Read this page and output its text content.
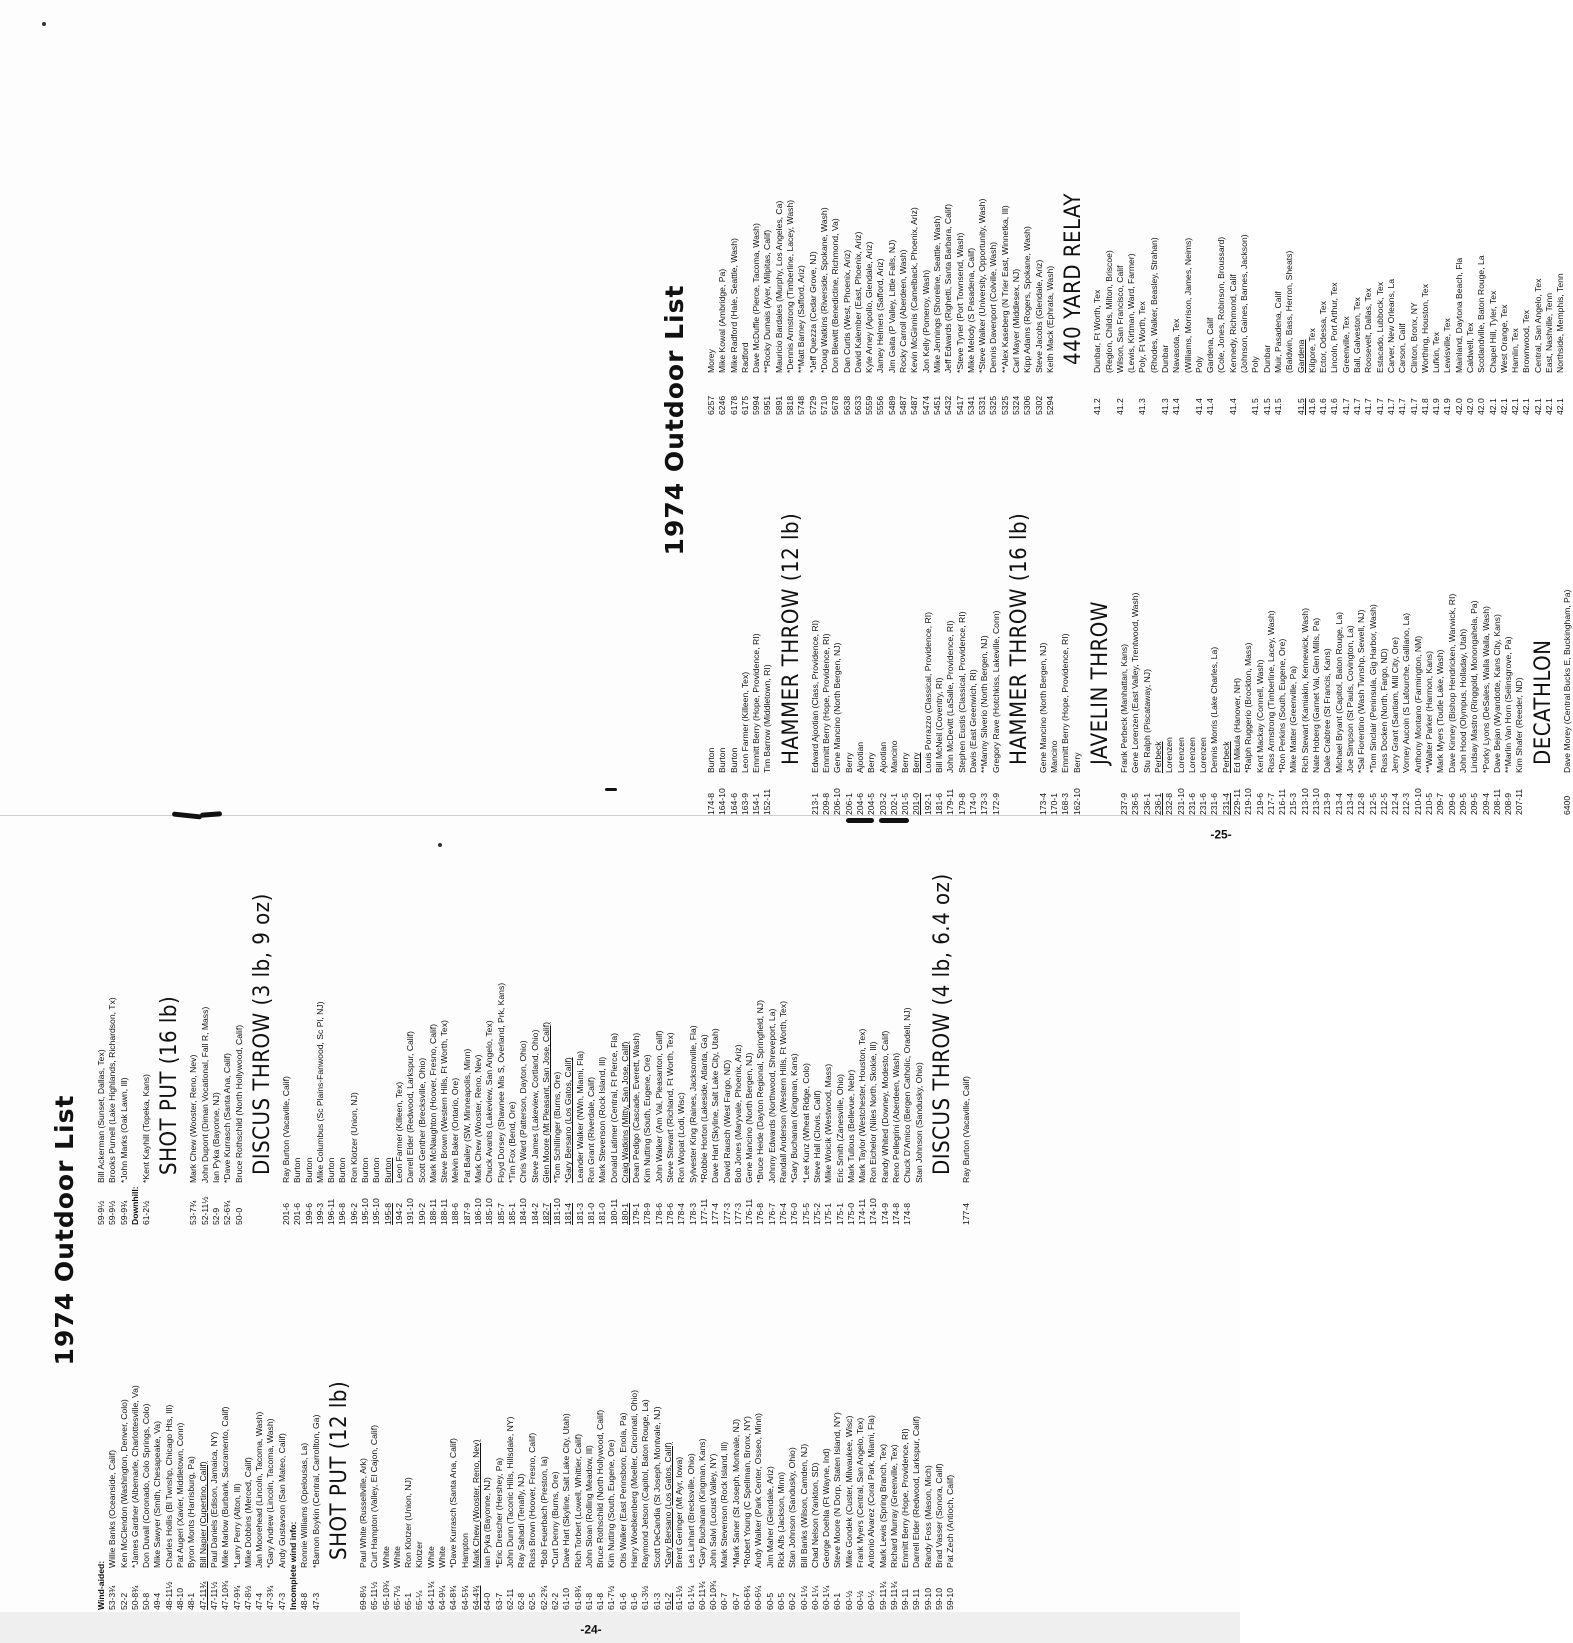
1974 Outdoor List
-24-
Wind-aided: 53-3¾
Willie Banks (Oceanside, Calif)
52-2
Ken McClendon (Washington, Denver, Colo)
50-8¾
*James Gardner (Albemarle, Charlottesville, Va)
50-8
Don Duvall (Coronado, Colo Springs, Colo)
49-4
Mike Sawyer (Smith, Chesapeake, Va)
48-11½
Charles Hollis (Bl Twnshp, Chicago Hts, Ill)
48-10
Pat Augeri (Xavier, Middletown, Conn)
48-1
Byron Monts (Harrisburg, Pa)
47-11¾
Bill Napier (Cupertino, Calif)
47-11½
Paul Daniels (Edison, Jamaica, NY)
47-10¾
Mike Marlow (Burbank, Sacramento, Calif)
47-9¾
*Larry Perry (Alton, Ill)
47-8½
Mike Dobbins (Merced, Calif)
47-4
Jan Moorehead (Lincoln, Tacoma, Wash)
47-3¾
*Gary Andrew (Lincoln, Tacoma, Wash)
47-3
Andy Gustavson (San Mateo, Calif) Incomplete wind info: 48-8
Ronnie Williams (Opelousas, La)
47-3
*Barnon Boykin (Central, Carrollton, Ga) SHOT PUT (12 lb)
69-8½
Paul White (Russellville, Ark)
65-11½
Curt Hampton (Valley, El Cajon, Calif)
65-10¾
White
65-7½
White
65-1
Ron Klotzer (Union, NJ)
65-¼
Klotzer
64-11¾
White
64-9¼
White
64-8¾
*Dave Kurrasch (Santa Ana, Calif)
64-5¾
Hampton
64-4¾
Mark Chew (Wooster, Reno, Nev)
64-0
Ian Pyka (Bayonne, NJ)
63-7
*Eric Drescher (Hershey, Pa)
62-11
John Dunn (Taconic Hills, Hillsdale, NY)
62-8
Ray Sahadi (Tenafly, NJ)
62-5
Russ Brown (Hoover, Fresno, Calif)
62-2¾
*Bob Feuerbach (Preston, Ia)
62-2
*Curt Denny (Burns, Ore)
61-10
Dave Hart (Skyline, Salt Lake City, Utah)
61-8¾
Rich Torbert (Lowell, Whittier, Calif)
61-8
John Sloan (Rolling Meadow, Ill)
61-8
Bruce Rothschild (North Hollywood, Calif)
61-7½
Kim Nutting (South, Eugene, Ore)
61-6
Otis Walker (East Pennsboro, Enola, Pa)
61-6
Harry Woebkenberg (Moeller, Cincinnati, Ohio)
61-3½
Raymond Jetson (Capitol, Baton Rouge, La)
61-3
Scott DeCandia (St Joseph, Montvale, NJ)
61-2
*Gary Bersano (Los Gatos, Calif)
61-1½
Brent Geringer (Mt Ayr, Iowa)
61-1¼
Les Linhart (Brecksville, Ohio)
60-11¾
*Gary Buchanan (Kingman, Kans)
60-10¾
John Salvi (Locust Valley, NY)
60-7
Mark Stevenson (Rock Island, Ill)
60-7
*Mark Saner (St Joseph, Montvale, NJ)
60-6¾
*Robert Young (C Spellman, Bronx, NY)
60-6¼
Andy Walker (Park Center, Osseo, Minn)
60-5
Jim Maher (Glendale, Ariz)
60-5
Rick Alfs (Jackson, Minn)
60-2
Stan Johnson (Sandusky, Ohio)
60-1½
Bill Banks (Wilson, Camden, NJ)
60-1¼
Chad Nelson (Yankton, SD)
60-1¼
George Doehla (Ft Wayne, Ind)
60-1
Steve Moore (N Dorp, Staten Island, NY)
60-½
Mike Gondek (Custer, Milwaukee, Wisc)
60-½
Frank Myers (Central, San Angelo, Tex)
60-¼
Antonio Alvarez (Coral Park, Miami, Fla)
59-11¾
Mark Lewis (Spring Branch, Tex)
59-11¾
Richard Murray (Greenville, Tex)
59-11
Emmitt Berry (Hope, Providence, RI)
59-11
Darrell Elder (Redwood, Larkspur, Calif)
59-10
Randy Foss (Mason, Mich)
59-10
Brad Vasser (Sonora, Calif)
59-10
Pat Zech (Antioch, Calif)
59-9½
Bill Ackerman (Sunset, Dallas, Tex)
59-9½
Brooks Purnell (Lake Highlands, Richardson, Tx)
59-9¾
*John Marks (Oak Lawn, Ill)
Downhill: 61-2½
*Kent Kayhill (Topeka, Kans) SHOT PUT (16 lb)
53-7¾
Mark Chew (Wooster, Reno, Nev)
52-11½
John Dupont (Diman Vocational, Fall R, Mass)
52-9
Ian Pyka (Bayonne, NJ)
52-6¾
*Dave Kurrasch (Santa Ana, Calif)
50-0
Bruce Rothschild (North Hollywood, Calif) DISCUS THROW (3 lb, 9 oz)
201-6
Ray Burton (Vacaville, Calif)
201-6
Burton
199-6
Burton
199-3
Mike Columbus (Sc Plains-Fanwood, Sc Pl, NJ)
196-11
Burton
196-8
Burton
196-2
Ron Klotzer (Union, NJ)
195-10
Burton
195-10
Burton
195-8
Burton
194-2
Leon Farmer (Killeen, Tex)
191-10
Darrell Elder (Redwood, Larkspur, Calif)
190-2
Scott Genther (Brecksville, Ohio)
188-11
Mark McNaughton (Hoover, Fresno, Calif)
188-11
Steve Brown (Western Hills, Ft Worth, Tex)
188-6
Melvin Baker (Ontario, Ore)
187-9
Pat Bailey (SW, Minneapolis, Minn)
186-10
Mark Chew (Wooster, Reno, Nev)
185-10
Chuck Avants (Lakeview, San Angelo, Tex)
185-7
Floyd Dorsey (Shawnee Mis S, Overland, Prk, Kans)
185-1
*Tim Fox (Bend, Ore)
184-10
Chris Ward (Patterson, Dayton, Ohio)
184-2
Steve James (Lakeview, Cortland, Ohio)
182-7
Glen Moore (Mt Pleasant, San Jose, Calif)
181-10
*Tom Schillinger (Burns, Ore)
181-4
*Gary Bersano (Los Gatos, Calif)
181-3
Leander Walker (NWn, Miami, Fla)
181-0
Ron Grant (Riverdale, Calif)
181-0
Mark Stevenson (Rock Island, Ill)
180-11
Donald Latimer (Central, Ft Pierce, Fla)
180-1
Craig Watkins (Mitty, San Jose, Calif)
179-1
Dean Pedigo (Cascade, Everett, Wash)
178-9
Kim Nutting (South, Eugene, Ore)
178-6
John Walker (Am Val, Pleasanton, Calif)
178-6
Steve Stewart (Richland, Ft Worth, Tex)
178-4
Ron Wopat (Lodi, Wisc)
178-3
Sylvester King (Raines, Jacksonville, Fla)
177-11
*Robbie Horton (Lakeside, Atlanta, Ga)
177-4
Dave Hart (Skyline, Salt Lake City, Utah)
177-3
David Rausch (West Fargo, ND)
177-3
Bob Jones (Maryvale, Phoenix, Ariz)
176-11
Gene Mancino (North Bergen, NJ)
176-8
*Bruce Heide (Dayton Regional, Springfield, NJ)
176-7
Johnny Edwards (Northwood, Shreveport, La)
176-4
Randall Anderson (Western Hills, Ft Worth, Tex)
176-0
*Gary Buchanan (Kingman, Kans)
175-5
*Lee Kunz (Wheat Ridge, Colo)
175-2
Steve Hall (Clovis, Calif)
175-1
Mike Woicik (Westwood, Mass)
175-1
Eric Smith (Zanesville, Ohio)
175-0
Mark Tullous (Bellevue, Nebr)
174-11
Mark Taylor (Westchester, Houston, Tex)
174-10
Ron Eichelor (Niles North, Skokie, Ill)
174-9
Randy Whited (Downey, Modesto, Calif)
174-8
Reno Pellegrini (Aberdeen, Wash)
174-8
Chuck D'Amico (Bergen Catholic, Oradell, NJ) Stan Johnson (Sandusky, Ohio) DISCUS THROW (4 lb, 6.4 oz)
177-4
Ray Burton (Vacaville, Calif)
1974 Outdoor List
-25-
174-8
Burton
164-10
Burton
164-6
Burton
163-9
Leon Farmer (Killeen, Tex)
154-1
Emmitt Berry (Hope, Providence, RI)
152-11
Tim Barrow (Middletown, RI) HAMMER THROW (12 lb)
213-1
Edward Ajootian (Class, Providence, RI)
209-8
Emmitt Berry (Hope, Providence, RI)
206-10
Gene Mancino (North Bergen, NJ)
206-1
Berry
204-6
Ajootian
204-5
Berry
203-2
Ajootian
202-1
Mancino
201-5
Berry
201-0
Berry
192-1
Louis Porrazzo (Classical, Providence, RI)
181-6
Bill McNeil (Coventry, RI)
179-11
John McDevitt (LaSalle, Providence, RI)
179-8
Stephen Eustis (Classical, Providence, RI)
174-0
Davis (East Greenwich, RI)
173-3
**Manny Silverio (North Bergen, NJ)
172-9
Gregory Rave (Hotchkiss, Lakeville, Conn) HAMMER THROW (16 lb)
173-4
Gene Mancino (North Bergen, NJ)
170-1
Mancino
168-3
Emmitt Berry (Hope, Providence, RI)
162-10
Berry JAVELIN THROW
237-9
Frank Perbeck (Manhattan, Kans)
236-5
Gene Lorenzen (East Valley, Trentwood, Wash)
236-1
Stu Ralph (Piscataway, NJ)
236-1
Perbeck
232-8
Lorenzen
231-10
Lorenzen
231-6
Lorenzen
231-6
Lorenzen
231-6
Dennis Morris (Lake Charles, La)
231-4
Perbeck
229-11
Ed Mikula (Hanover, NH)
219-10
*Ralph Ruggerio (Brockton, Mass)
219-6
Kent Mackay (Connell, Wash)
217-7
Russ Armstrong (Timberline, Lacey, Wash)
216-11
*Ron Perkins (South, Eugene, Ore)
215-3
Mike Matter (Greenville, Pa)
213-10
Rich Stewart (Kamiakin, Kennewick, Wash)
213-10
Nate Hoberg (Garnet Val, Glen Mills, Pa)
213-9
Dale Crabtree (St Francis, Kans)
213-4
Michael Bryant (Capitol, Baton Rouge, La)
213-4
Joe Simpson (St Pauls, Covington, La)
212-8
*Sal Fiorentino (Wash Twnshp, Sewell, NJ)
212-5
*Tom Sinclair (Peninsula, Gig Harbor, Wash)
212-5
Russ Docken (North, Fargo, ND)
212-4
Jerry Grant (Santiam, Mill City, Ore)
212-3
Vorney Aucoin (S Lafourche, Galliano, La)
210-10
Anthony Montano (Farmington, NM)
210-5
**Walter Parker (Harmon, Kans)
209-7
Mark Myers (Toutle Lake, Wash)
209-6
Dave Kinney (Bishop Hendricken, Warwick, RI)
209-5
John Hood (Olympus, Holladay, Utah)
209-5
Lindsay Mastro (Ringgold, Monongahela, Pa)
209-4
*Porky Lyons (DeSales, Walla Walla, Wash)
208-11
Dave Bejan (Wyandotte, Kans City, Kans)
208-9
**Marlin Van Horn (Selinsgrove, Pa)
207-11
Kim Shafer (Reeder, ND) DECATHLON
6400
Dave Morey (Central Bucks E, Buckingham, Pa)
6257
Morey
6246
Mike Kowal (Ambridge, Pa)
6178
Mike Radford (Hale, Seattle, Wash)
6175
Radford
5994
Dave McDuffie (Pierce, Tacoma, Wash)
5951
**Rocky Dumais (Ayer, Milpitas, Calif)
5891
Mauricio Bardales (Murphy, Los Angeles, Ca)
5818
*Dennis Armstrong (Timberline, Lacey, Wash)
5748
**Matt Barney (Safford, Ariz)
5729
*Jeff Quezza (Cedar Grove, NJ)
5710
*Doug Watkins (Riverside, Spokane, Wash)
5678
Don Blewitt (Benedictine, Richmond, Va)
5638
Dan Curtis (West, Phoenix, Ariz)
5633
David Kalember (East, Phoenix, Ariz)
5559
Kyle Arney (Apollo, Glendale, Ariz)
5556
Jamey Helmers (Safford, Ariz)
5489
Jim Gaita (P Valley, Little Falls, NJ)
5487
Rocky Carroll (Aberdeen, Wash)
5487
Kevin McGinnis (Camelback, Phoenix, Ariz)
5474
Jon Kelly (Pomeroy, Wash)
5451
Mike Jennings (Shoreline, Seattle, Wash)
5432
Jeff Edwards (Righetti, Santa Barbara, Calif)
5417
*Steve Tyner (Port Townsend, Wash)
5341
Mike Melody (S Pasadena, Calif)
5331
*Steve Walker (University, Opportunity, Wash)
5325
Dennis Davenport (Colville, Wash)
5325
**Alex Kaseberg (N Trier East, Winnetka, Ill)
5324
Carl Mayer (Middlesex, NJ)
5306
Kipp Adams (Rogers, Spokane, Wash)
5302
Steve Jacobs (Glendale, Ariz)
5294
Keith Mack (Ephrata, Wash) 440 YARD RELAY
41.2
Dunbar, Ft Worth, Tex (Reglon, Childs, Milton, Briscoe)
41.2
Wilson, San Francisco, Calif (Lewis, Kirtman, Ward, Farmer)
41.3
Poly, Ft Worth, Tex (Rhodes, Walker, Beasley, Strahan)
41.3
Dunbar
41.4
Navasota, Tex (Williams, Morrison, James, Neims)
41.4
Poly
41.4
Gardena, Calif (Cole, Jones, Robinson, Broussard)
41.4
Kennedy, Richmond, Calif (Johnson, Gaines, Barnes, Jackson)
41.5
Poly
41.5
Dunbar
41.5
Muir, Pasadena, Calif (Baldwin, Bass, Herron, Sheats)
41.5
Gardena
41.6
Kilgore, Tex
41.6
Ector, Odessa, Tex
41.6
Lincoln, Port Arthur, Tex
41.7
Greenville, Tex
41.7
Ball, Galveston, Tex
41.7
Roosevelt, Dallas, Tex
41.7
Estacado, Lubbock, Tex
41.7
Carver, New Orleans, La
41.7
Carson, Calif
41.7
Clinton, Bronx, NY
41.8
Worthing, Houston, Tex
41.9
Lufkin, Tex
41.9
Lewisville, Tex
42.0
Mainland, Daytona Beach, Fla
42.0
Caldwell, Tex
42.0
Scotlandville, Baton Rouge, La
42.1
Chapel Hill, Tyler, Tex
42.1
West Orange, Tex
42.1
Hamlin, Tex
42.1
Brownwood, Tex
42.1
Central, San Angelo, Tex
42.1
East, Nashville, Tenn
42.1
Northside, Memphis, Tenn
